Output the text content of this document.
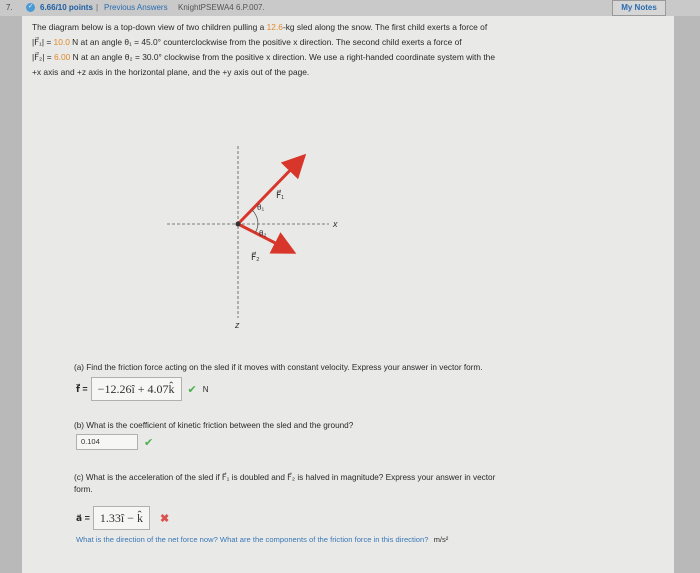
7.	✓ 6.66/10 points | Previous Answers KnightPSEWA4 6.P.007.	My Notes
The diagram below is a top-down view of two children pulling a 12.6-kg sled along the snow. The first child exerts a force of
|F⃗₁| = 10.0 N at an angle θ₁ = 45.0° counterclockwise from the positive x direction. The second child exerts a force of
|F⃗₂| = 6.00 N at an angle θ₂ = 30.0° clockwise from the positive x direction. We use a right-handed coordinate system with the
+x axis and +z axis in the horizontal plane, and the +y axis out of the page.
F⃗₁
θ₁
θ₂
F⃗₂
x
z
(a) Find the friction force acting on the sled if it moves with constant velocity. Express your answer in vector form.
f⃗ = −12.26î + 4.07k̂	✔ N
(b) What is the coefficient of kinetic friction between the sled and the ground?
0.104	✔
(c) What is the acceleration of the sled if F⃗₁ is doubled and F⃗₂ is halved in magnitude? Express your answer in vector
form.
a⃗ = 1.33î − k̂	✖
What is the direction of the net force now? What are the components of the friction force in this direction? m/s²
